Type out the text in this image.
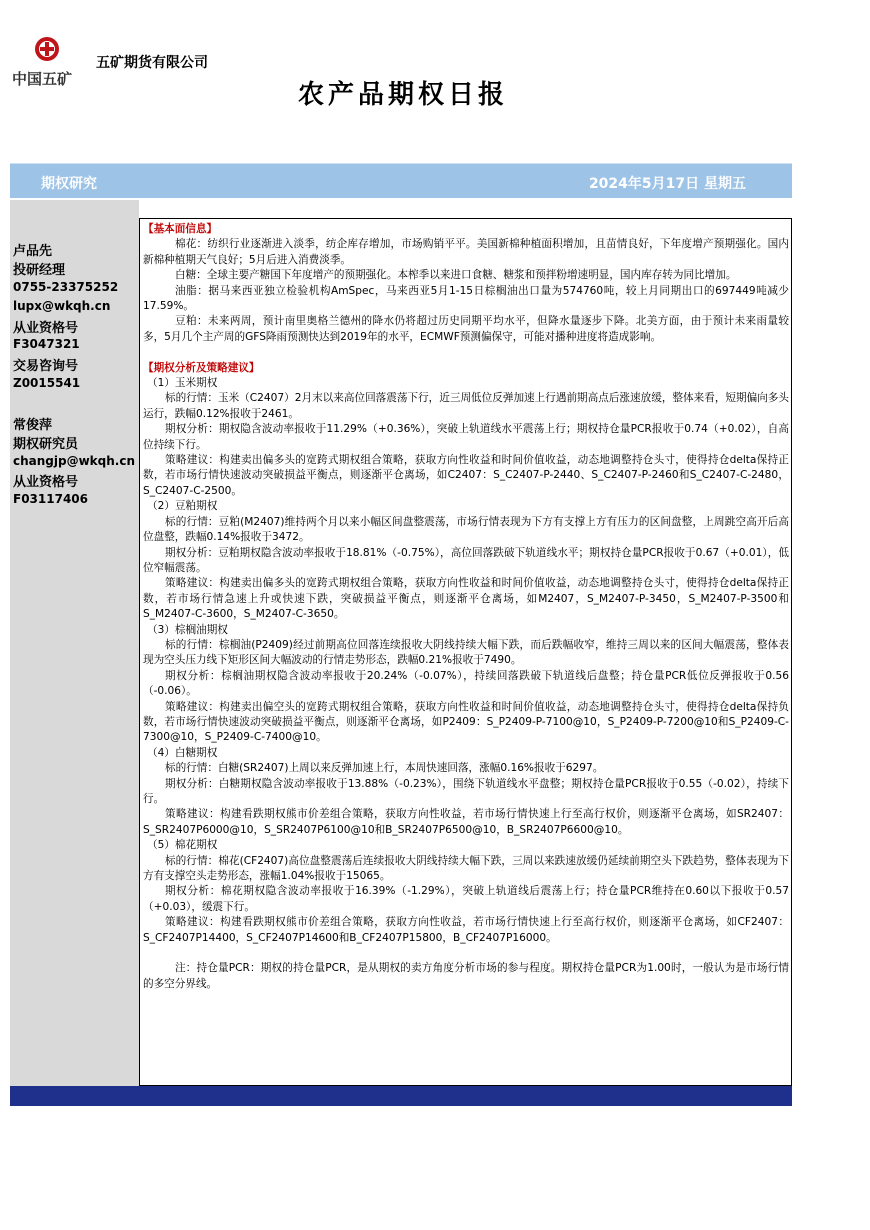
中国五矿
五矿期货有限公司
农产品期权日报
期权研究	2024年5月17日 星期五
卢品先
投研经理
0755-23375252
lupx@wkqh.cn
从业资格号
F3047321
交易咨询号
Z0015541
常俊萍
期权研究员
changjp@wkqh.cn
从业资格号
F03117406

【基本面信息】

棉花：纺织行业逐渐进入淡季，纺企库存增加，市场购销平平。美国新棉种植面积增加，且苗情良好，下年度增产预期强化。国内新棉种植期天气良好；5月后进入消费淡季。

白糖：全球主要产糖国下年度增产的预期强化。本榨季以来进口食糖、糖浆和预拌粉增速明显，国内库存转为同比增加。

油脂：据马来西亚独立检验机构AmSpec，马来西亚5月1-15日棕榈油出口量为574760吨，较上月同期出口的697449吨减少17.59%。

豆粕：未来两周，预计南里奥格兰德州的降水仍将超过历史同期平均水平，但降水量逐步下降。北美方面，由于预计未来雨量较多，5月几个主产周的GFS降雨预测快达到2019年的水平，ECMWF预测偏保守，可能对播种进度将造成影响。

【期权分析及策略建议】

（1）玉米期权

标的行情：玉米（C2407）2月末以来高位回落震荡下行，近三周低位反弹加速上行遇前期高点后涨速放缓，整体来看，短期偏向多头运行，跌幅0.12%报收于2461。

期权分析：期权隐含波动率报收于11.29%（+0.36%），突破上轨道线水平震荡上行；期权持仓量PCR报收于0.74（+0.02），自高位持续下行。

策略建议：构建卖出偏多头的宽跨式期权组合策略，获取方向性收益和时间价值收益，动态地调整持仓头寸，使得持仓delta保持正数，若市场行情快速波动突破损益平衡点，则逐渐平仓离场，如C2407：S_C2407-P-2440、S_C2407-P-2460和S_C2407-C-2480，S_C2407-C-2500。

（2）豆粕期权

标的行情：豆粕(M2407)维持两个月以来小幅区间盘整震荡，市场行情表现为下方有支撑上方有压力的区间盘整，上周跳空高开后高位盘整，跌幅0.14%报收于3472。

期权分析：豆粕期权隐含波动率报收于18.81%（-0.75%），高位回落跌破下轨道线水平；期权持仓量PCR报收于0.67（+0.01），低位窄幅震荡。

策略建议：构建卖出偏多头的宽跨式期权组合策略，获取方向性收益和时间价值收益，动态地调整持仓头寸，使得持仓delta保持正数，若市场行情急速上升或快速下跌，突破损益平衡点，则逐渐平仓离场，如M2407，S_M2407-P-3450，S_M2407-P-3500和S_M2407-C-3600，S_M2407-C-3650。

（3）棕榈油期权

标的行情：棕榈油(P2409)经过前期高位回落连续报收大阴线持续大幅下跌，而后跌幅收窄，维持三周以来的区间大幅震荡，整体表现为空头压力线下矩形区间大幅波动的行情走势形态，跌幅0.21%报收于7490。

期权分析：棕榈油期权隐含波动率报收于20.24%（-0.07%），持续回落跌破下轨道线后盘整；持仓量PCR低位反弹报收于0.56（-0.06）。

策略建议：构建卖出偏空头的宽跨式期权组合策略，获取方向性收益和时间价值收益，动态地调整持仓头寸，使得持仓delta保持负数，若市场行情快速波动突破损益平衡点，则逐渐平仓离场，如P2409：S_P2409-P-7100@10，S_P2409-P-7200@10和S_P2409-C-7300@10，S_P2409-C-7400@10。

（4）白糖期权

标的行情：白糖(SR2407)上周以来反弹加速上行，本周快速回落，涨幅0.16%报收于6297。

期权分析：白糖期权隐含波动率报收于13.88%（-0.23%），围绕下轨道线水平盘整；期权持仓量PCR报收于0.55（-0.02），持续下行。

策略建议：构建看跌期权熊市价差组合策略，获取方向性收益，若市场行情快速上行至高行权价，则逐渐平仓离场，如SR2407：S_SR2407P6000@10，S_SR2407P6100@10和B_SR2407P6500@10，B_SR2407P6600@10。

（5）棉花期权

标的行情：棉花(CF2407)高位盘整震荡后连续报收大阴线持续大幅下跌，三周以来跌速放缓仍延续前期空头下跌趋势，整体表现为下方有支撑空头走势形态，涨幅1.04%报收于15065。

期权分析：棉花期权隐含波动率报收于16.39%（-1.29%），突破上轨道线后震荡上行；持仓量PCR维持在0.60以下报收于0.57（+0.03），缓震下行。

策略建议：构建看跌期权熊市价差组合策略，获取方向性收益，若市场行情快速上行至高行权价，则逐渐平仓离场，如CF2407：S_CF2407P14400，S_CF2407P14600和B_CF2407P15800，B_CF2407P16000。

注：持仓量PCR：期权的持仓量PCR，是从期权的卖方角度分析市场的参与程度。期权持仓量PCR为1.00时，一般认为是市场行情的多空分界线。
